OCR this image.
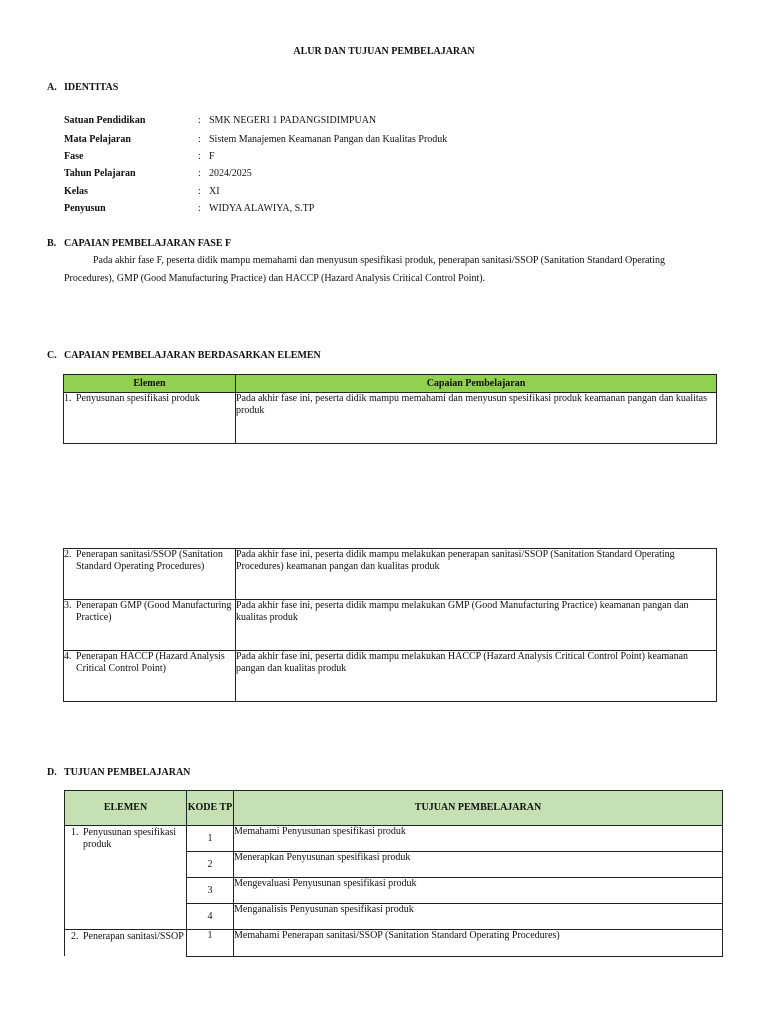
ALUR DAN TUJUAN PEMBELAJARAN
A. IDENTITAS
Satuan Pendidikan	: SMK NEGERI 1 PADANGSIDIMPUAN
Mata Pelajaran	: Sistem Manajemen Keamanan Pangan dan Kualitas Produk
Fase	: F
Tahun Pelajaran	: 2024/2025
Kelas	: XI
Penyusun	: WIDYA ALAWIYA, S.TP
B. CAPAIAN PEMBELAJARAN FASE F
Pada akhir fase F, peserta didik mampu memahami dan menyusun spesifikasi produk, penerapan sanitasi/SSOP (Sanitation Standard Operating Procedures), GMP (Good Manufacturing Practice) dan HACCP (Hazard Analysis Critical Control Point).
C. CAPAIAN PEMBELAJARAN BERDASARKAN ELEMEN
Elemen	Capaian Pembelajaran
1. Penyusunan spesifikasi produk	Pada akhir fase ini, peserta didik mampu memahami dan menyusun spesifikasi produk keamanan pangan dan kualitas produk
2. Penerapan sanitasi/SSOP (Sanitation Standard Operating Procedures)	Pada akhir fase ini, peserta didik mampu melakukan penerapan sanitasi/SSOP (Sanitation Standard Operating Procedures) keamanan pangan dan kualitas produk
3. Penerapan GMP (Good Manufacturing Practice)	Pada akhir fase ini, peserta didik mampu melakukan GMP (Good Manufacturing Practice) keamanan pangan dan kualitas produk
4. Penerapan HACCP (Hazard Analysis Critical Control Point)	Pada akhir fase ini, peserta didik mampu melakukan HACCP (Hazard Analysis Critical Control Point) keamanan pangan dan kualitas produk
D. TUJUAN PEMBELAJARAN
ELEMEN	KODE TP	TUJUAN PEMBELAJARAN
1. Penyusunan spesifikasi produk	1	Memahami Penyusunan spesifikasi produk
	2	Menerapkan Penyusunan spesifikasi produk
	3	Mengevaluasi Penyusunan spesifikasi produk
	4	Menganalisis Penyusunan spesifikasi produk
2. Penerapan sanitasi/SSOP	1	Memahami Penerapan sanitasi/SSOP (Sanitation Standard Operating Procedures)
